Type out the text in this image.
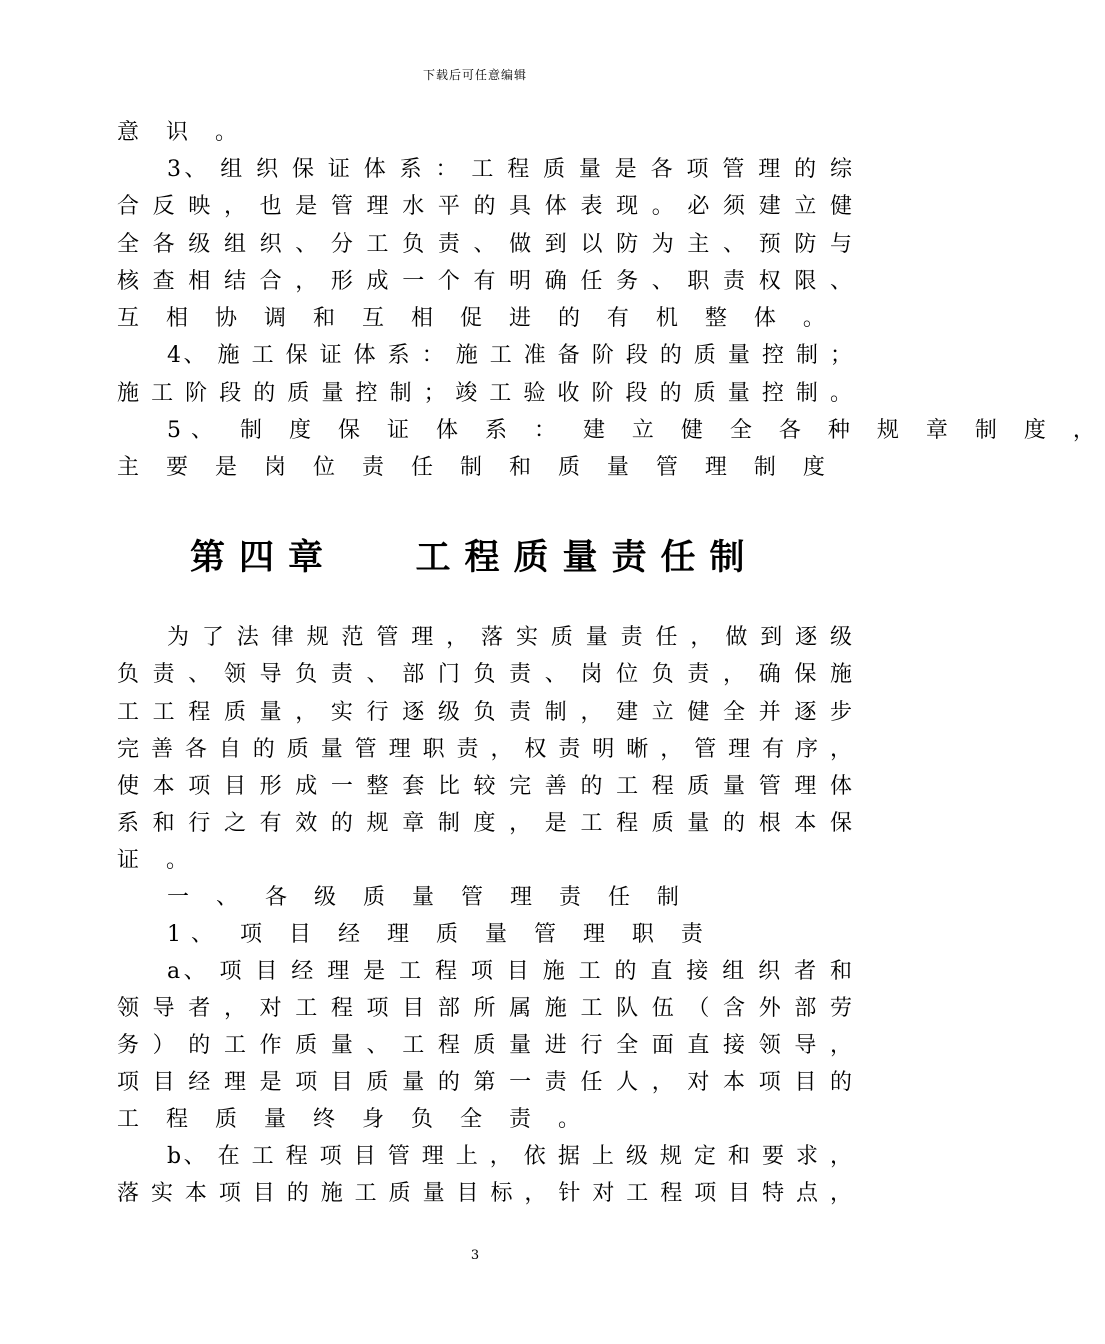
下载后可任意编辑
意 识 。
3、 组 织 保 证 体 系 ： 工 程 质 量 是 各 项 管 理 的 综
合 反 映 ， 也 是 管 理 水 平 的 具 体 表 现 。 必 须 建 立 健
全 各 级 组 织 、 分 工 负 责 、 做 到 以 防 为 主 、 预 防 与
核 查 相 结 合 ， 形 成 一 个 有 明 确 任 务 、 职 责 权 限 、
互 相 协 调 和 互 相 促 进 的 有 机 整 体 。
4、 施 工 保 证 体 系 ： 施 工 准 备 阶 段 的 质 量 控 制 ；
施 工 阶 段 的 质 量 控 制 ； 竣 工 验 收 阶 段 的 质 量 控 制 。
5、 制 度 保 证 体 系 ： 建 立 健 全 各 种 规 章 制 度 ，
主 要 是 岗 位 责 任 制 和 质 量 管 理 制 度
第四章   工程质量责任制
为 了 法 律 规 范 管 理 ， 落 实 质 量 责 任 ， 做 到 逐 级
负 责 、 领 导 负 责 、 部 门 负 责 、 岗 位 负 责 ， 确 保 施
工 工 程 质 量 ， 实 行 逐 级 负 责 制 ， 建 立 健 全 并 逐 步
完 善 各 自 的 质 量 管 理 职 责 ， 权 责 明 晰 ， 管 理 有 序 ，
使 本 项 目 形 成 一 整 套 比 较 完 善 的 工 程 质 量 管 理 体
系 和 行 之 有 效 的 规 章 制 度 ， 是 工 程 质 量 的 根 本 保
证 。
一 、 各 级 质 量 管 理 责 任 制
1、 项 目 经 理 质 量 管 理 职 责
a、 项 目 经 理 是 工 程 项 目 施 工 的 直 接 组 织 者 和
领 导 者 ， 对 工 程 项 目 部 所 属 施 工 队 伍 （ 含 外 部 劳
务 ） 的 工 作 质 量 、 工 程 质 量 进 行 全 面 直 接 领 导 ，
项 目 经 理 是 项 目 质 量 的 第 一 责 任 人 ， 对 本 项 目 的
工 程 质 量 终 身 负 全 责 。
b、 在 工 程 项 目 管 理 上 ， 依 据 上 级 规 定 和 要 求 ，
落 实 本 项 目 的 施 工 质 量 目 标 ， 针 对 工 程 项 目 特 点 ，
3
